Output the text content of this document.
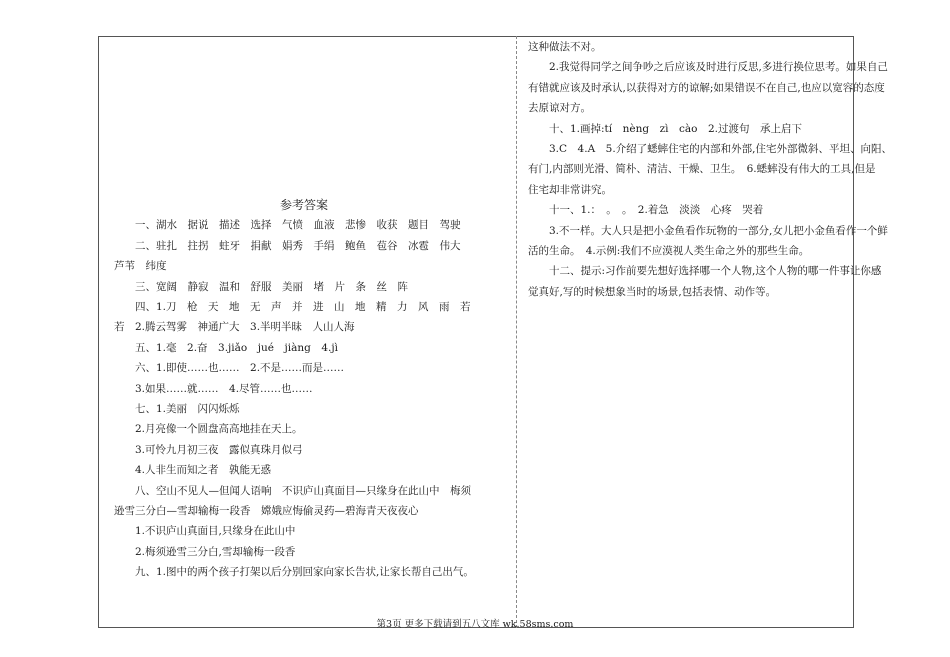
参考答案
一、湖水　据说　描述　选择　气愤　血液　悲惨　收获　题目　驾驶
二、驻扎　拄拐　蛀牙　捐献　娟秀　手绢　鲍鱼　苞谷　冰雹　伟大
芦苇　纬度
三、宽阔　静寂　温和　舒服　美丽　堵　片　条　丝　阵
四、1.刀　枪　天　地　无　声　并　进　山　地　精　力　风　雨　若
若　2.腾云驾雾　神通广大　3.半明半昧　人山人海
五、1.毫　2.奋　3.jiǎo　jué　jiàng　4.jì
六、1.即使……也……　2.不是……而是……
3.如果……就……　4.尽管……也……
七、1.美丽　闪闪烁烁
2.月亮像一个圆盘高高地挂在天上。
3.可怜九月初三夜　露似真珠月似弓
4.人非生而知之者　孰能无惑
八、空山不见人—但闻人语响　不识庐山真面目—只缘身在此山中　梅须
逊雪三分白—雪却输梅一段香　嫦娥应悔偷灵药—碧海青天夜夜心
1.不识庐山真面目,只缘身在此山中
2.梅须逊雪三分白,雪却输梅一段香
九、1.图中的两个孩子打架以后分别回家向家长告状,让家长帮自己出气。
这种做法不对。
2.我觉得同学之间争吵之后应该及时进行反思,多进行换位思考。如果自己
有错就应该及时承认,以获得对方的谅解;如果错误不在自己,也应以宽容的态度
去原谅对方。
十、1.画掉:tí　nèng　zì　cào　2.过渡句　承上启下
3.C　4.A　5.介绍了蟋蟀住宅的内部和外部,住宅外部微斜、平坦、向阳、
有门,内部则光滑、简朴、清洁、干燥、卫生。　6.蟋蟀没有伟大的工具,但是
住宅却非常讲究。
十一、1.：　。　。　2.着急　淡淡　心疼　哭着
3.不一样。大人只是把小金鱼看作玩物的一部分,女儿把小金鱼看作一个鲜
活的生命。　4.示例:我们不应漠视人类生命之外的那些生命。
十二、提示:习作前要先想好选择哪一个人物,这个人物的哪一件事让你感
觉真好,写的时候想象当时的场景,包括表情、动作等。
第3页 更多下载请到五八文库 wk.58sms.com
